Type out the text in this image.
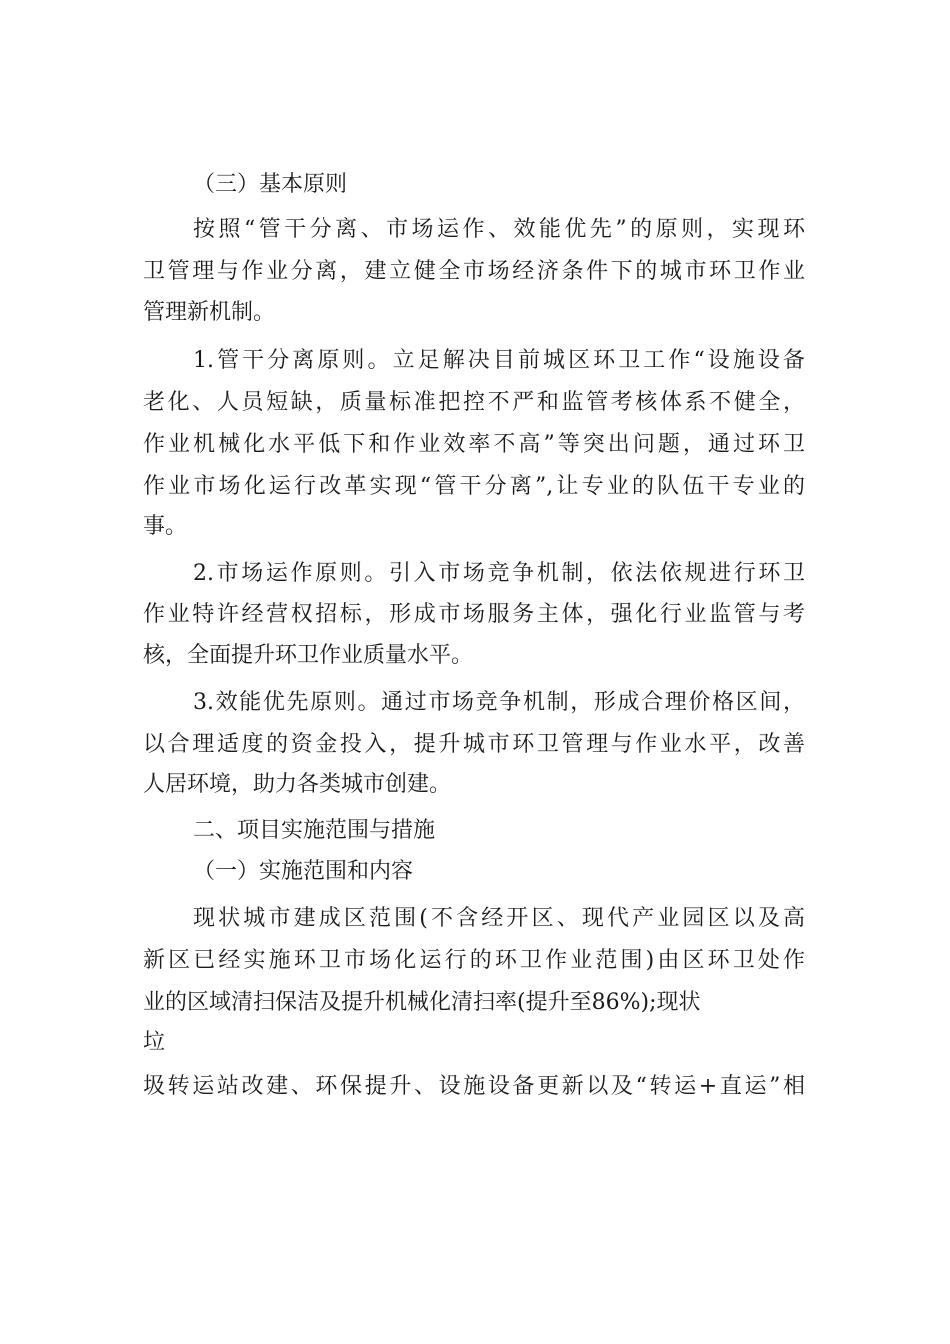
（三）基本原则

按照“管干分离、市场运作、效能优先”的原则，实现环

卫管理与作业分离，建立健全市场经济条件下的城市环卫作业

管理新机制。

1.管干分离原则。立足解决目前城区环卫工作“设施设备

老化、人员短缺，质量标准把控不严和监管考核体系不健全，

作业机械化水平低下和作业效率不高”等突出问题，通过环卫

作业市场化运行改革实现“管干分离”,让专业的队伍干专业的

事。

2.市场运作原则。引入市场竞争机制，依法依规进行环卫

作业特许经营权招标，形成市场服务主体，强化行业监管与考

核，全面提升环卫作业质量水平。

3.效能优先原则。通过市场竞争机制，形成合理价格区间，

以合理适度的资金投入，提升城市环卫管理与作业水平，改善

人居环境，助力各类城市创建。

二、项目实施范围与措施

（一）实施范围和内容

现状城市建成区范围(不含经开区、现代产业园区以及高

新区已经实施环卫市场化运行的环卫作业范围)由区环卫处作

业的区域清扫保洁及提升机械化清扫率(提升至86%);现状

垃

圾转运站改建、环保提升、设施设备更新以及“转运+直运”相
